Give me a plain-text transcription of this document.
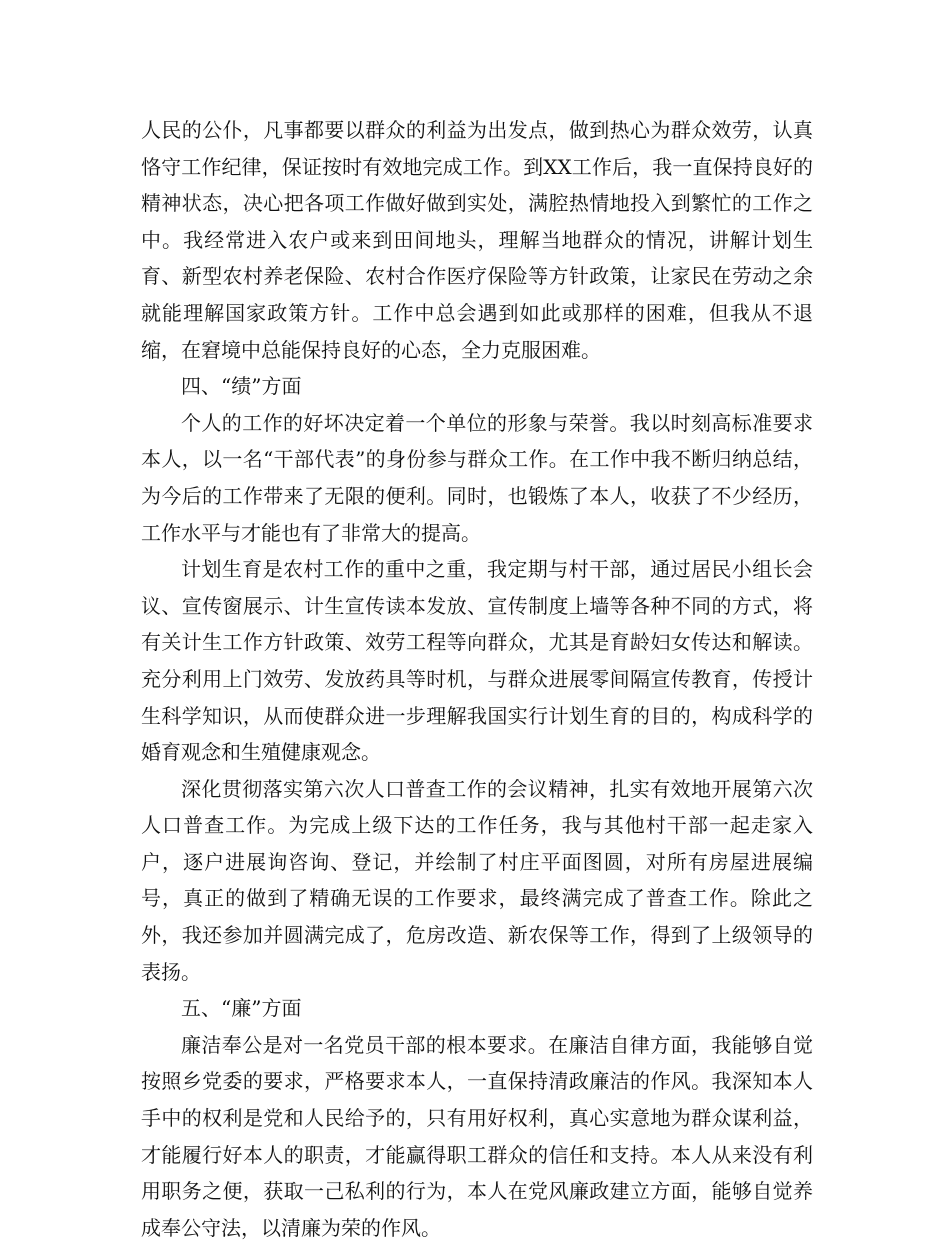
人民的公仆，凡事都要以群众的利益为出发点，做到热心为群众效劳，认真恪守工作纪律，保证按时有效地完成工作。到XX工作后，我一直保持良好的精神状态，决心把各项工作做好做到实处，满腔热情地投入到繁忙的工作之中。我经常进入农户或来到田间地头，理解当地群众的情况，讲解计划生育、新型农村养老保险、农村合作医疗保险等方针政策，让家民在劳动之余就能理解国家政策方针。工作中总会遇到如此或那样的困难，但我从不退缩，在窘境中总能保持良好的心态，全力克服困难。

四、“绩”方面

个人的工作的好坏决定着一个单位的形象与荣誉。我以时刻高标准要求本人，以一名“干部代表”的身份参与群众工作。在工作中我不断归纳总结，为今后的工作带来了无限的便利。同时，也锻炼了本人，收获了不少经历，工作水平与才能也有了非常大的提高。

计划生育是农村工作的重中之重，我定期与村干部，通过居民小组长会议、宣传窗展示、计生宣传读本发放、宣传制度上墙等各种不同的方式，将有关计生工作方针政策、效劳工程等向群众，尤其是育龄妇女传达和解读。充分利用上门效劳、发放药具等时机，与群众进展零间隔宣传教育，传授计生科学知识，从而使群众进一步理解我国实行计划生育的目的，构成科学的婚育观念和生殖健康观念。

深化贯彻落实第六次人口普查工作的会议精神，扎实有效地开展第六次人口普查工作。为完成上级下达的工作任务，我与其他村干部一起走家入户，逐户进展询咨询、登记，并绘制了村庄平面图圆，对所有房屋进展编号，真正的做到了精确无误的工作要求，最终满完成了普查工作。除此之外，我还参加并圆满完成了，危房改造、新农保等工作，得到了上级领导的表扬。

五、“廉”方面

廉洁奉公是对一名党员干部的根本要求。在廉洁自律方面，我能够自觉按照乡党委的要求，严格要求本人，一直保持清政廉洁的作风。我深知本人手中的权利是党和人民给予的，只有用好权利，真心实意地为群众谋利益，才能履行好本人的职责，才能赢得职工群众的信任和支持。本人从来没有利用职务之便，获取一己私利的行为，本人在党风廉政建立方面，能够自觉养成奉公守法，以清廉为荣的作风。
